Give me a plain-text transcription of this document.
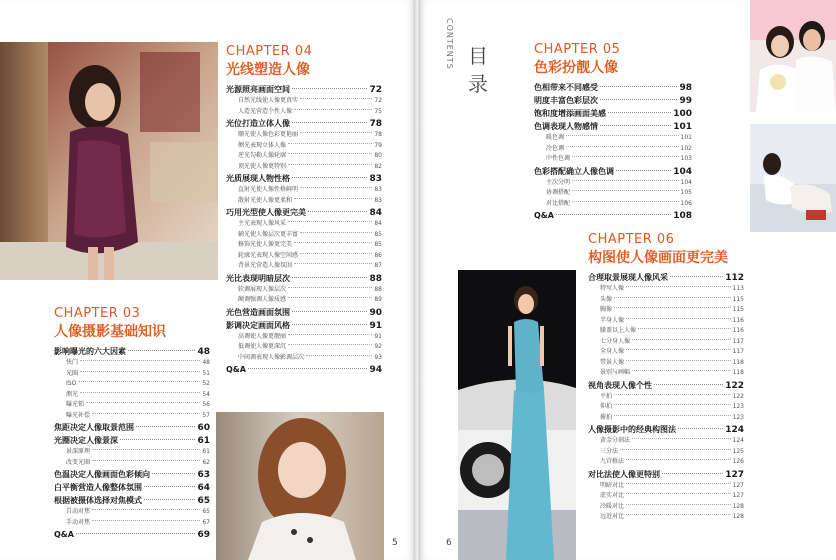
CHAPTER 04
光线塑造人像
光源照亮画面空间	72
自然光线使人像更真实	72
人造光营造个性人像	75
光位打造立体人像	78
顺光使人像色彩更艳丽	78
侧光表现立体人像	79
逆光勾勒人像轮廓	80
顶光使人像更特别	82
光质展现人物性格	83
直射光使人像性格鲜明	83
散射光使人像更柔和	83
巧用光型使人像更完美	84
主光表现人像风采	84
辅光使人像层次更丰富	85
修饰光使人像更完美	85
轮廓光表现人像空间感	86
背景光营造人像氛围	87
光比表现明暗层次	88
软调展现人像层次	88
硬调强调人像质感	89
光色营造画面氛围	90
影调决定画面风格	91
高调使人像更靓丽	91
低调使人像更深沉	92
中间调表现人像影调层次	93
Q&A	94
CHAPTER 03
人像摄影基础知识
影响曝光的六大因素	48
快门	48
光圈	51
ISO	52
测光	54
曝光锁	56
曝光补偿	57
焦距决定人像取景范围	60
光圈决定人像景深	61
景深原理	61
改变光圈	62
色温决定人像画面色彩倾向	63
白平衡营造人像整体氛围	64
根据被摄体选择对焦模式	65
自动对焦	65
手动对焦	67
Q&A	69
5
CHAPTER 05
色彩扮靓人像
色相带来不同感受	98
明度丰富色彩层次	99
饱和度增添画面美感	100
色调表现人物感情	101
暖色调	101
冷色调	102
中性色调	103
色彩搭配确立人像色调	104
主次分明	104
协调搭配	105
对比搭配	106
Q&A	108
CHAPTER 06
构图使人像画面更完美
合理取景展现人像风采	112
特写人像	113
头像	115
胸像	115
半身人像	116
膝盖以上人像	116
七分身人像	117
全身人像	117
带景人像	118
景别与画幅	118
视角表现人像个性	122
平拍	122
仰拍	123
俯拍	123
人像摄影中的经典构图法	124
黄金分割法	124
三分法	125
九宫格法	126
对比法使人像更特别	127
明暗对比	127
虚实对比	127
冷暖对比	128
远近对比	128
CONTENTS 目
录
6
